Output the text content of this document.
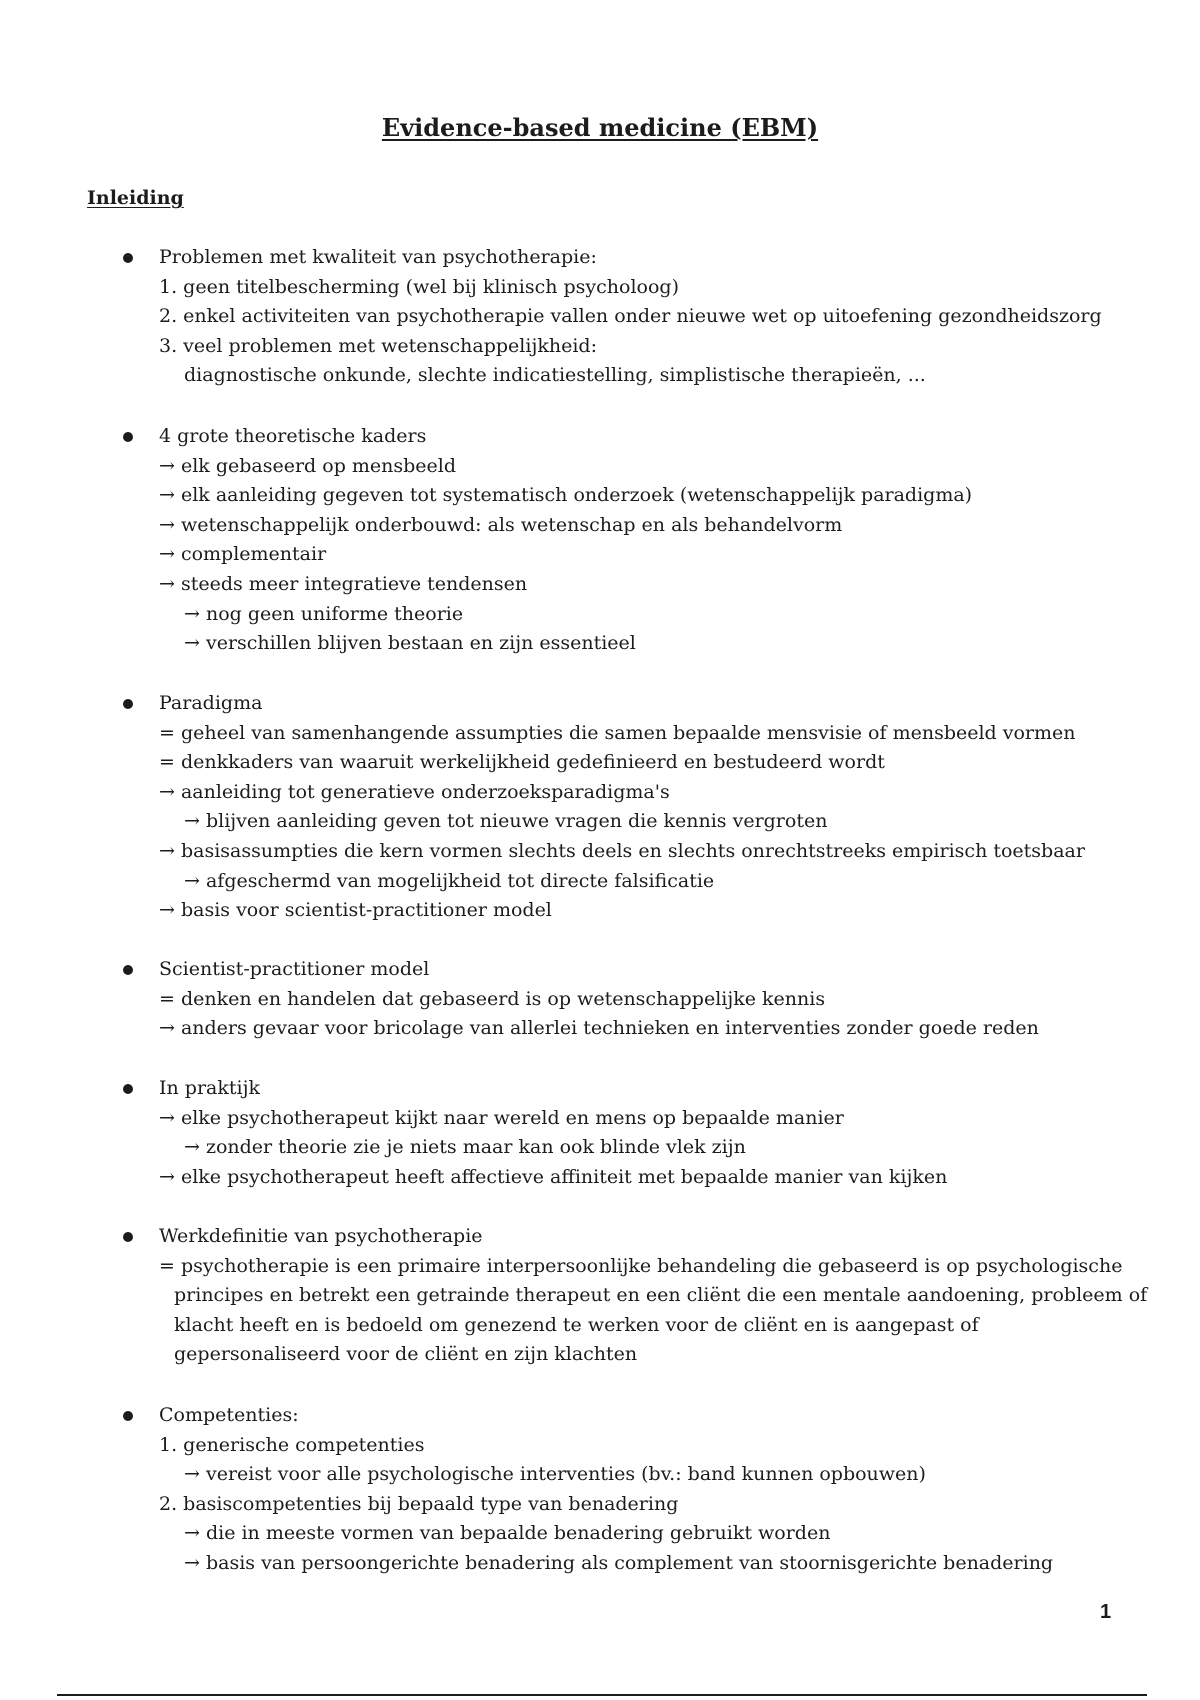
Evidence-based medicine (EBM)
Inleiding
Problemen met kwaliteit van psychotherapie:
1. geen titelbescherming (wel bij klinisch psycholoog)
2. enkel activiteiten van psychotherapie vallen onder nieuwe wet op uitoefening gezondheidszorg
3. veel problemen met wetenschappelijkheid:
diagnostische onkunde, slechte indicatiestelling, simplistische therapieën, ...
4 grote theoretische kaders
→ elk gebaseerd op mensbeeld
→ elk aanleiding gegeven tot systematisch onderzoek (wetenschappelijk paradigma)
→ wetenschappelijk onderbouwd: als wetenschap en als behandelvorm
→ complementair
→ steeds meer integratieve tendensen
→ nog geen uniforme theorie
→ verschillen blijven bestaan en zijn essentieel
Paradigma
= geheel van samenhangende assumpties die samen bepaalde mensvisie of mensbeeld vormen
= denkkaders van waaruit werkelijkheid gedefinieerd en bestudeerd wordt
→ aanleiding tot generatieve onderzoeksparadigma's
→ blijven aanleiding geven tot nieuwe vragen die kennis vergroten
→ basisassumpties die kern vormen slechts deels en slechts onrechtstreeks empirisch toetsbaar
→ afgeschermd van mogelijkheid tot directe falsificatie
→ basis voor scientist-practitioner model
Scientist-practitioner model
= denken en handelen dat gebaseerd is op wetenschappelijke kennis
→ anders gevaar voor bricolage van allerlei technieken en interventies zonder goede reden
In praktijk
→ elke psychotherapeut kijkt naar wereld en mens op bepaalde manier
→ zonder theorie zie je niets maar kan ook blinde vlek zijn
→ elke psychotherapeut heeft affectieve affiniteit met bepaalde manier van kijken
Werkdefinitie van psychotherapie
= psychotherapie is een primaire interpersoonlijke behandeling die gebaseerd is op psychologische
principes en betrekt een getrainde therapeut en een cliënt die een mentale aandoening, probleem of
klacht heeft en is bedoeld om genezend te werken voor de cliënt en is aangepast of
gepersonaliseerd voor de cliënt en zijn klachten
Competenties:
1. generische competenties
→ vereist voor alle psychologische interventies (bv.: band kunnen opbouwen)
2. basiscompetenties bij bepaald type van benadering
→ die in meeste vormen van bepaalde benadering gebruikt worden
→ basis van persoongerichte benadering als complement van stoornisgerichte benadering
1
